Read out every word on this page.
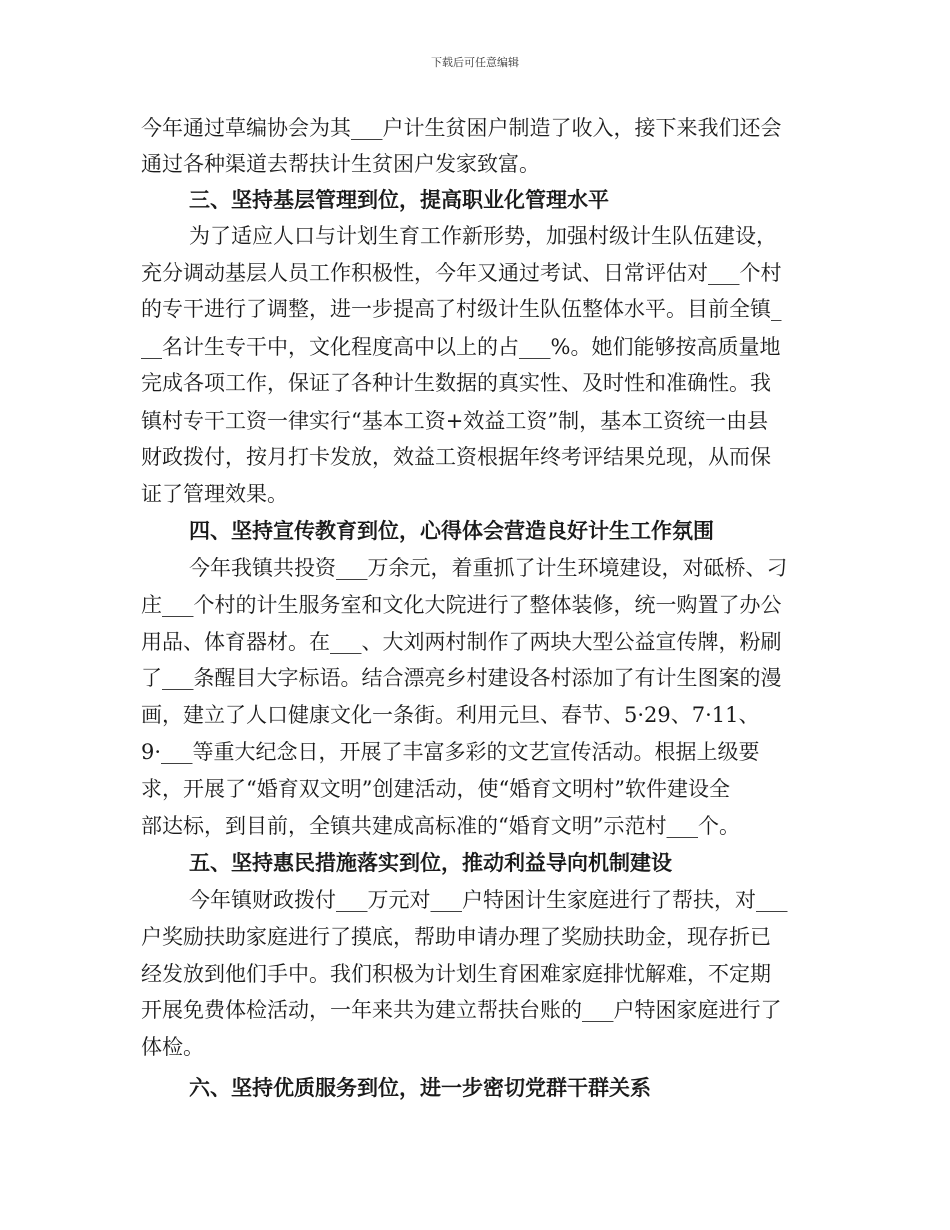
下载后可任意编辑
今年通过草编协会为其___户计生贫困户制造了收入，接下来我们还会
通过各种渠道去帮扶计生贫困户发家致富。
三、坚持基层管理到位，提高职业化管理水平
为了适应人口与计划生育工作新形势，加强村级计生队伍建设，
充分调动基层人员工作积极性，今年又通过考试、日常评估对___个村
的专干进行了调整，进一步提高了村级计生队伍整体水平。目前全镇_
__名计生专干中，文化程度高中以上的占___%。她们能够按高质量地
完成各项工作，保证了各种计生数据的真实性、及时性和准确性。我
镇村专干工资一律实行“基本工资+效益工资”制，基本工资统一由县
财政拨付，按月打卡发放，效益工资根据年终考评结果兑现，从而保
证了管理效果。
四、坚持宣传教育到位，心得体会营造良好计生工作氛围
今年我镇共投资___万余元，着重抓了计生环境建设，对砥桥、刁
庄___个村的计生服务室和文化大院进行了整体装修，统一购置了办公
用品、体育器材。在___、大刘两村制作了两块大型公益宣传牌，粉刷
了___条醒目大字标语。结合漂亮乡村建设各村添加了有计生图案的漫
画，建立了人口健康文化一条街。利用元旦、春节、5·29、7·11、
9·___等重大纪念日，开展了丰富多彩的文艺宣传活动。根据上级要
求，开展了“婚育双文明”创建活动，使“婚育文明村”软件建设全
部达标，到目前，全镇共建成高标准的“婚育文明”示范村___个。
五、坚持惠民措施落实到位，推动利益导向机制建设
今年镇财政拨付___万元对___户特困计生家庭进行了帮扶，对___
户奖励扶助家庭进行了摸底，帮助申请办理了奖励扶助金，现存折已
经发放到他们手中。我们积极为计划生育困难家庭排忧解难，不定期
开展免费体检活动，一年来共为建立帮扶台账的___户特困家庭进行了
体检。
六、坚持优质服务到位，进一步密切党群干群关系
